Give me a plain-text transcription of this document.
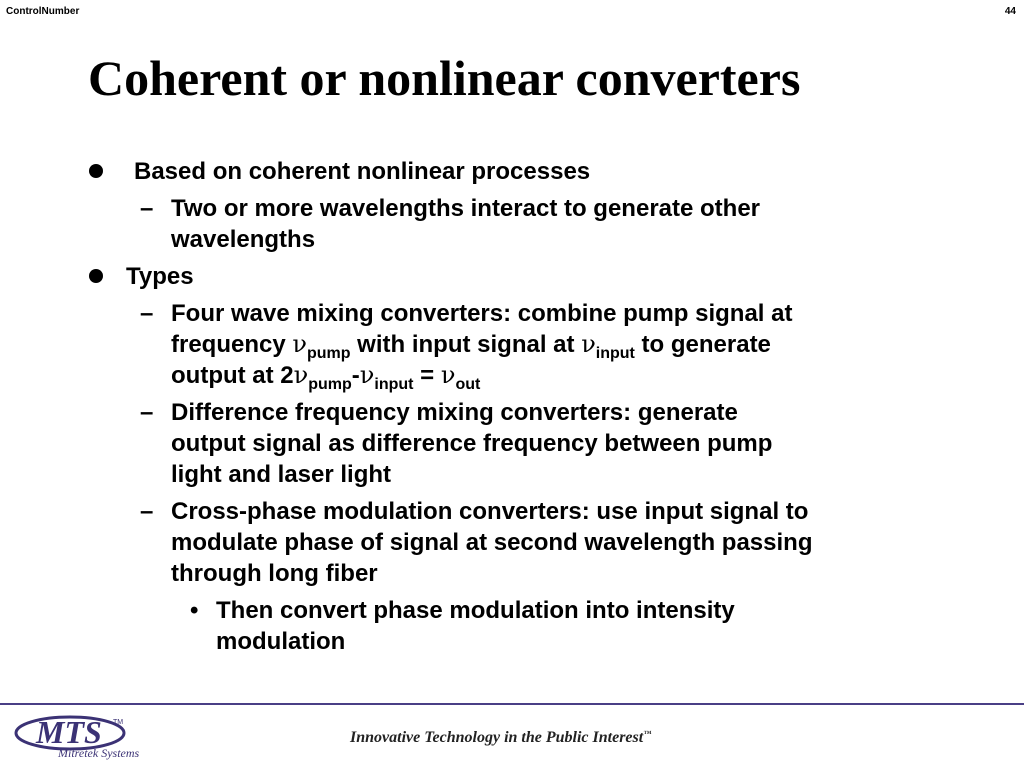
ControlNumber	44
Coherent or nonlinear converters
Based on coherent nonlinear processes
– Two or more wavelengths interact to generate other
wavelengths
Types
– Four wave mixing converters: combine pump signal at
frequency $\nu_{pump}$ with input signal at $\nu_{input}$ to generate
output at $2\nu_{pump}-\nu_{input} = \nu_{out}$
– Difference frequency mixing converters: generate
output signal as difference frequency between pump
light and laser light
– Cross-phase modulation converters: use input signal to
modulate phase of signal at second wavelength passing
through long fiber
• Then convert phase modulation into intensity
modulation
MTS TM
Mitretek Systems
Innovative Technology in the Public Interest™
